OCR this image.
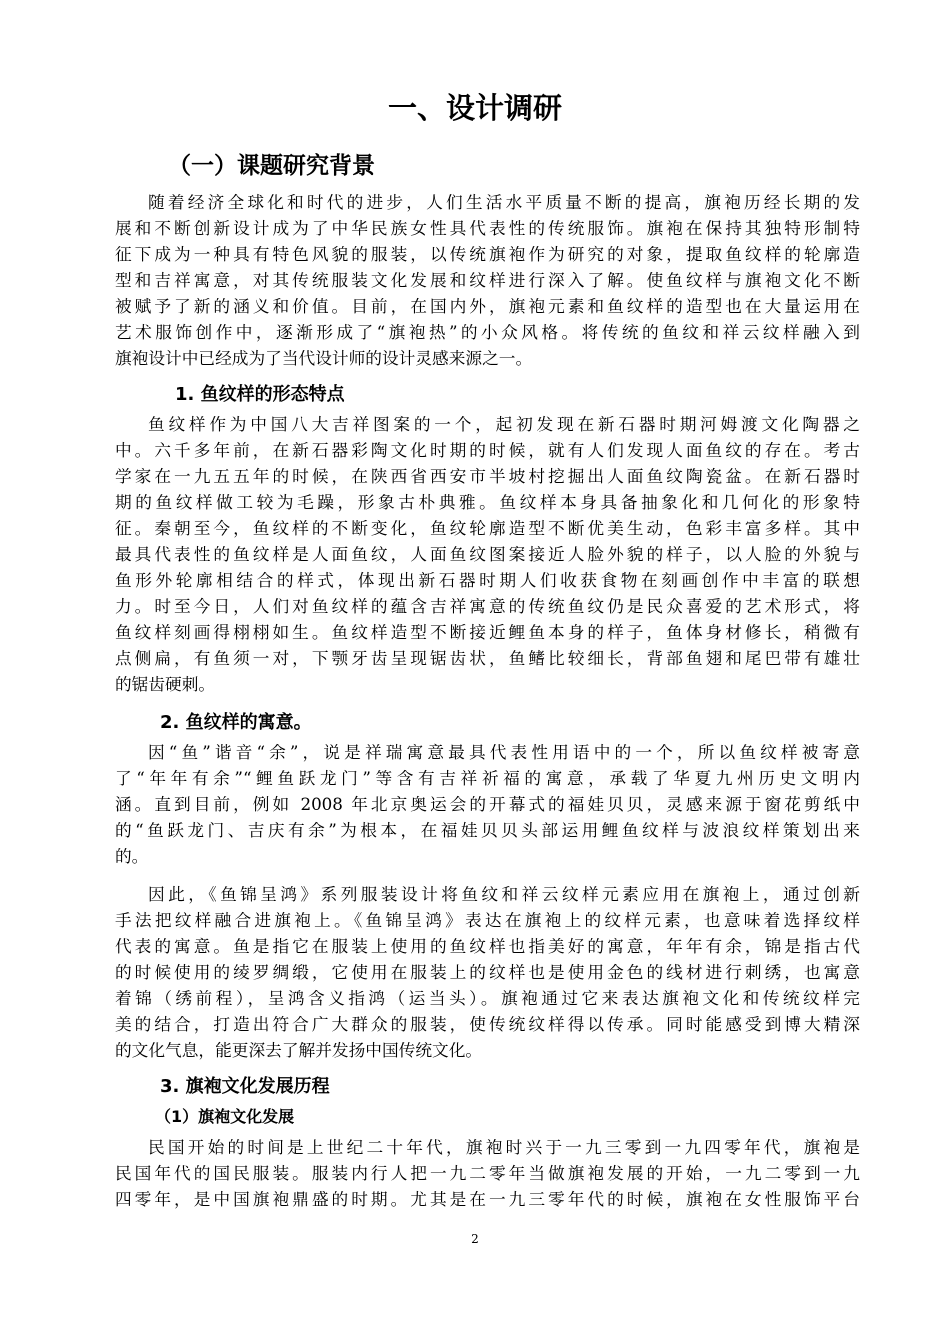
一、设计调研
（一）课题研究背景

随着经济全球化和时代的进步，人们生活水平质量不断的提高，旗袍历经长期的发

展和不断创新设计成为了中华民族女性具代表性的传统服饰。旗袍在保持其独特形制特

征下成为一种具有特色风貌的服装，以传统旗袍作为研究的对象，提取鱼纹样的轮廓造

型和吉祥寓意，对其传统服装文化发展和纹样进行深入了解。使鱼纹样与旗袍文化不断

被赋予了新的涵义和价值。目前，在国内外，旗袍元素和鱼纹样的造型也在大量运用在

艺术服饰创作中，逐渐形成了“旗袍热”的小众风格。将传统的鱼纹和祥云纹样融入到

旗袍设计中已经成为了当代设计师的设计灵感来源之一。

1. 鱼纹样的形态特点

鱼纹样作为中国八大吉祥图案的一个，起初发现在新石器时期河姆渡文化陶器之

中。六千多年前，在新石器彩陶文化时期的时候，就有人们发现人面鱼纹的存在。考古

学家在一九五五年的时候，在陕西省西安市半坡村挖掘出人面鱼纹陶瓷盆。在新石器时

期的鱼纹样做工较为毛躁，形象古朴典雅。鱼纹样本身具备抽象化和几何化的形象特

征。秦朝至今，鱼纹样的不断变化，鱼纹轮廓造型不断优美生动，色彩丰富多样。其中

最具代表性的鱼纹样是人面鱼纹，人面鱼纹图案接近人脸外貌的样子，以人脸的外貌与

鱼形外轮廓相结合的样式，体现出新石器时期人们收获食物在刻画创作中丰富的联想

力。时至今日，人们对鱼纹样的蕴含吉祥寓意的传统鱼纹仍是民众喜爱的艺术形式，将

鱼纹样刻画得栩栩如生。鱼纹样造型不断接近鲤鱼本身的样子，鱼体身材修长，稍微有

点侧扁，有鱼须一对，下颚牙齿呈现锯齿状，鱼鳍比较细长，背部鱼翅和尾巴带有雄壮

的锯齿硬刺。

2. 鱼纹样的寓意。

因“鱼”谐音“余”，说是祥瑞寓意最具代表性用语中的一个，所以鱼纹样被寄意

了“年年有余”“鲤鱼跃龙门”等含有吉祥祈福的寓意，承载了华夏九州历史文明内

涵。直到目前，例如 2008 年北京奥运会的开幕式的福娃贝贝，灵感来源于窗花剪纸中

的“鱼跃龙门、吉庆有余”为根本，在福娃贝贝头部运用鲤鱼纹样与波浪纹样策划出来

的。

因此，《鱼锦呈鸿》系列服装设计将鱼纹和祥云纹样元素应用在旗袍上，通过创新

手法把纹样融合进旗袍上。《鱼锦呈鸿》表达在旗袍上的纹样元素，也意味着选择纹样

代表的寓意。鱼是指它在服装上使用的鱼纹样也指美好的寓意，年年有余，锦是指古代

的时候使用的绫罗绸缎，它使用在服装上的纹样也是使用金色的线材进行刺绣，也寓意

着锦（绣前程），呈鸿含义指鸿（运当头）。旗袍通过它来表达旗袍文化和传统纹样完

美的结合，打造出符合广大群众的服装，使传统纹样得以传承。同时能感受到博大精深

的文化气息，能更深去了解并发扬中国传统文化。

3. 旗袍文化发展历程
（1）旗袍文化发展

民国开始的时间是上世纪二十年代，旗袍时兴于一九三零到一九四零年代，旗袍是

民国年代的国民服装。服装内行人把一九二零年当做旗袍发展的开始，一九二零到一九

四零年，是中国旗袍鼎盛的时期。尤其是在一九三零年代的时候，旗袍在女性服饰平台

2
